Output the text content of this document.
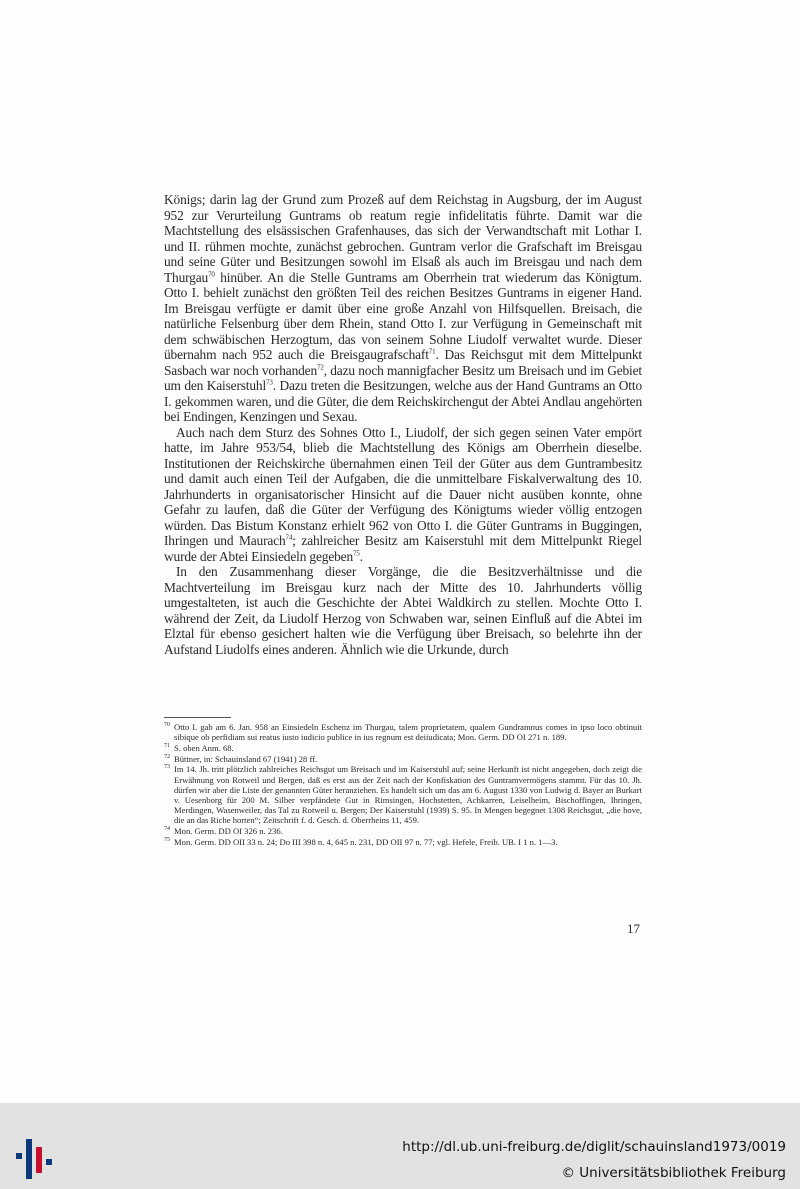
Königs; darin lag der Grund zum Prozeß auf dem Reichstag in Augsburg, der im August 952 zur Verurteilung Guntrams ob reatum regie infidelitatis führte. Damit war die Machtstellung des elsässischen Grafenhauses, das sich der Verwandtschaft mit Lothar I. und II. rühmen mochte, zunächst gebrochen. Guntram verlor die Grafschaft im Breisgau und seine Güter und Besitzungen sowohl im Elsaß als auch im Breisgau und nach dem Thurgau$^{70}$ hinüber. An die Stelle Guntrams am Oberrhein trat wiederum das Königtum. Otto I. behielt zunächst den größten Teil des reichen Besitzes Guntrams in eigener Hand. Im Breisgau verfügte er damit über eine große Anzahl von Hilfsquellen. Breisach, die natürliche Felsenburg über dem Rhein, stand Otto I. zur Verfügung in Gemeinschaft mit dem schwäbischen Herzogtum, das von seinem Sohne Liudolf verwaltet wurde. Dieser übernahm nach 952 auch die Breisgaugrafschaft$^{71}$. Das Reichsgut mit dem Mittelpunkt Sasbach war noch vorhanden$^{72}$, dazu noch mannigfacher Besitz um Breisach und im Gebiet um den Kaiserstuhl$^{73}$. Dazu treten die Besitzungen, welche aus der Hand Guntrams an Otto I. gekommen waren, und die Güter, die dem Reichskirchengut der Abtei Andlau angehörten bei Endingen, Kenzingen und Sexau.

Auch nach dem Sturz des Sohnes Otto I., Liudolf, der sich gegen seinen Vater empört hatte, im Jahre 953/54, blieb die Machtstellung des Königs am Oberrhein dieselbe. Institutionen der Reichskirche übernahmen einen Teil der Güter aus dem Guntrambesitz und damit auch einen Teil der Aufgaben, die die unmittelbare Fiskalverwaltung des 10. Jahrhunderts in organisatorischer Hinsicht auf die Dauer nicht ausüben konnte, ohne Gefahr zu laufen, daß die Güter der Verfügung des Königtums wieder völlig entzogen würden. Das Bistum Konstanz erhielt 962 von Otto I. die Güter Guntrams in Buggingen, Ihringen und Maurach$^{74}$; zahlreicher Besitz am Kaiserstuhl mit dem Mittelpunkt Riegel wurde der Abtei Einsiedeln gegeben$^{75}$.

In den Zusammenhang dieser Vorgänge, die die Besitzverhältnisse und die Machtverteilung im Breisgau kurz nach der Mitte des 10. Jahrhunderts völlig umgestalteten, ist auch die Geschichte der Abtei Waldkirch zu stellen. Mochte Otto I. während der Zeit, da Liudolf Herzog von Schwaben war, seinen Einfluß auf die Abtei im Elztal für ebenso gesichert halten wie die Verfügung über Breisach, so belehrte ihn der Aufstand Liudolfs eines anderen. Ähnlich wie die Urkunde, durch

70 Otto I. gab am 6. Jan. 958 an Einsiedeln Eschenz im Thurgau, talem proprietatem, qualem Gundramnus comes in ipso loco obtinuit sibique ob perfidiam sui reatus iusto iudicio publice in ius regnum est deiiudicata; Mon. Germ. DD OI 271 n. 189.
71 S. oben Anm. 68.
72 Büttner, in: Schauinsland 67 (1941) 28 ff.
73 Im 14. Jh. tritt plötzlich zahlreiches Reichsgut um Breisach und im Kaiserstuhl auf; seine Herkunft ist nicht angegeben, doch zeigt die Erwähnung von Rotweil und Bergen, daß es erst aus der Zeit nach der Konfiskation des Guntramvermögens stammt. Für das 10. Jh. dürfen wir aber die Liste der genannten Güter heranziehen. Es handelt sich um das am 6. August 1330 von Ludwig d. Bayer an Burkart v. Uesenborg für 200 M. Silber verpfändete Gut in Rimsingen, Hochstetten, Achkarren, Leiselheim, Bischoffingen, Ihringen, Merdingen, Wasenweiler, das Tal zu Rotweil u. Bergen; Der Kaiserstuhl (1939) S. 95. In Mengen begegnet 1308 Reichsgut, „die hove, die an das Riche horten“; Zeitschrift f. d. Gesch. d. Oberrheins 11, 459.
74 Mon. Germ. DD OI 326 n. 236.
75 Mon. Germ. DD OII 33 n. 24; Do III 398 n. 4, 645 n. 231, DD OII 97 n. 77; vgl. Hefele, Freib. UB. I 1 n. 1—3.
17
http://dl.ub.uni-freiburg.de/diglit/schauinsland1973/0019
© Universitätsbibliothek Freiburg
